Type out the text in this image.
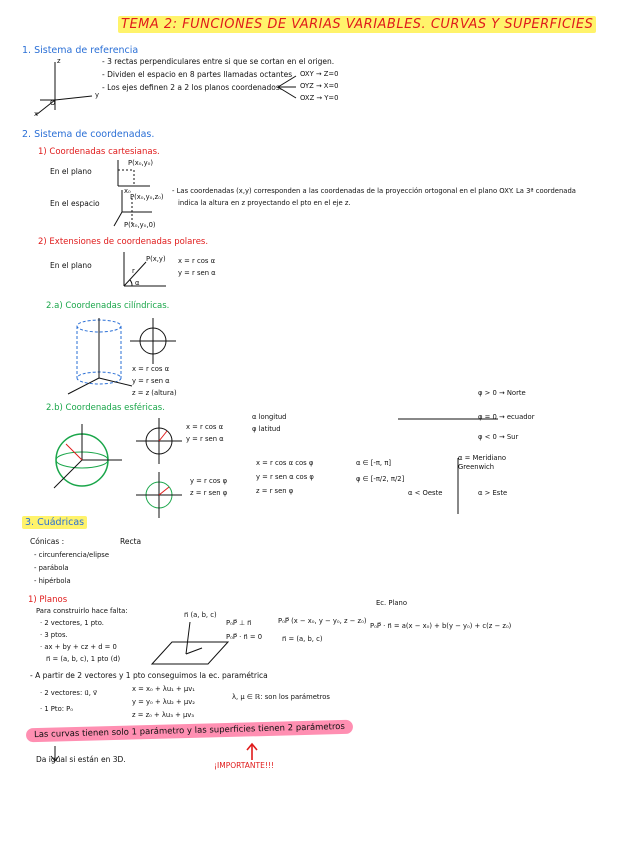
TEMA 2: FUNCIONES DE VARIAS VARIABLES. CURVAS Y SUPERFICIES
1. Sistema de referencia
z
y
x
O
- 3 rectas perpendiculares entre si que se cortan en el origen.
- Dividen el espacio en 8 partes llamadas octantes
- Los ejes definen 2 a 2 los planos coordenados.
OXY → Z=0
OYZ → X=0
OXZ → Y=0
2. Sistema de coordenadas.
1) Coordenadas cartesianas.
En el plano
P(x₀,y₀)
x₀
En el espacio
P(x₀,y₀,z₀)
P(x₀,y₀,0)
- Las coordenadas (x,y) corresponden a las coordenadas de la proyección ortogonal en el plano OXY. La 3ª coordenada
indica la altura en z proyectando el pto en el eje z.
2) Extensiones de coordenadas polares.
En el plano
P(x,y)
r
α
x = r cos α
y = r sen α
2.a) Coordenadas cilíndricas.
x = r cos α
y = r sen α
z = z (altura)
2.b) Coordenadas esféricas.
x = r cos α
y = r sen α
y = r cos φ
z = r sen φ
α longitud
φ latitud
x = r cos α cos φ
y = r sen α cos φ
z = r sen φ
α ∈ [-π, π]
φ ∈ [-π/2, π/2]
φ > 0 → Norte
φ = 0 → ecuador
φ < 0 → Sur
α = Meridiano Greenwich
α < Oeste	α > Este
3. Cuádricas
Cónicas :	Recta
- circunferencia/elipse
- parábola
- hipérbola
1) Planos
Para construirlo hace falta:
· 2 vectores, 1 pto.
· 3 ptos.
· ax + by + cz + d = 0
n⃗ = (a, b, c), 1 pto (d)
n⃗ (a, b, c)
P₀P⃗ ⊥ n⃗
P₀P⃗ · n⃗ = 0
P₀P⃗ (x − x₀, y − y₀, z − z₀)
n⃗ = (a, b, c)
Ec. Plano
P₀P⃗ · n⃗ = a(x − x₀) + b(y − y₀) + c(z − z₀)
- A partir de 2 vectores y 1 pto conseguimos la ec. paramétrica
· 2 vectores: u⃗, v⃗
· 1 Pto: P₀
x = x₀ + λu₁ + μv₁
y = y₀ + λu₂ + μv₂
z = z₀ + λu₃ + μv₃
λ, μ ∈ ℝ: son los parámetros
Las curvas tienen solo 1 parámetro y las superficies tienen 2 parámetros
Da igual si están en 3D.
¡IMPORTANTE!!!
